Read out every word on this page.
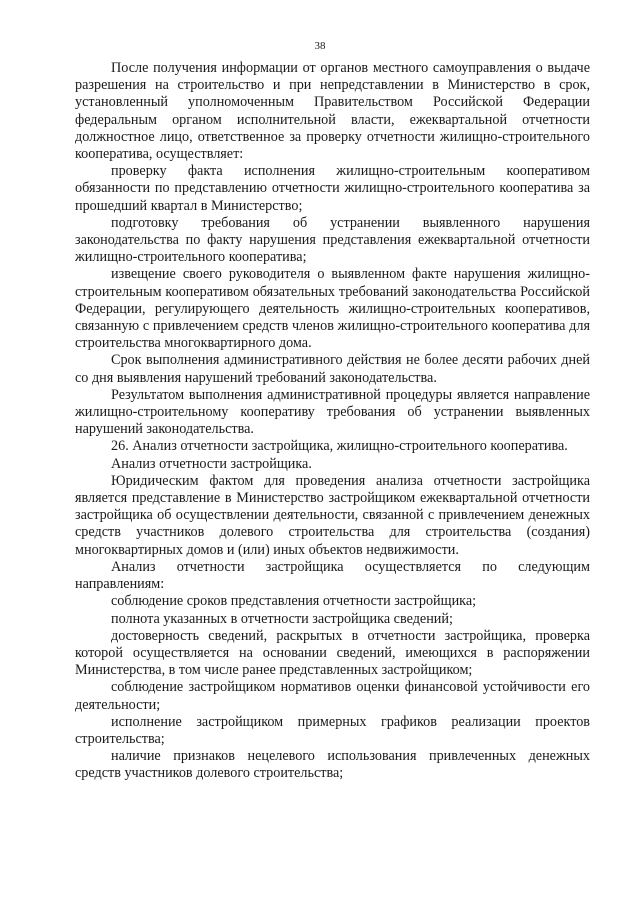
38

После получения информации от органов местного самоуправления о выдаче разрешения на строительство и при непредставлении в Министерство в срок, установленный уполномоченным Правительством Российской Федерации федеральным органом исполнительной власти, ежеквартальной отчетности должностное лицо, ответственное за проверку отчетности жилищно-строительного кооператива, осуществляет:

проверку факта исполнения жилищно-строительным кооперативом обязанности по представлению отчетности жилищно-строительного кооператива за прошедший квартал в Министерство;

подготовку требования об устранении выявленного нарушения законодательства по факту нарушения представления ежеквартальной отчетности жилищно-строительного кооператива;

извещение своего руководителя о выявленном факте нарушения жилищно-строительным кооперативом обязательных требований законодательства Российской Федерации, регулирующего деятельность жилищно-строительных кооперативов, связанную с привлечением средств членов жилищно-строительного кооператива для строительства многоквартирного дома.

Срок выполнения административного действия не более десяти рабочих дней со дня выявления нарушений требований законодательства.

Результатом выполнения административной процедуры является направление жилищно-строительному кооперативу требования об устранении выявленных нарушений законодательства.

26. Анализ отчетности застройщика, жилищно-строительного кооператива.

Анализ отчетности застройщика.

Юридическим фактом для проведения анализа отчетности застройщика является представление в Министерство застройщиком ежеквартальной отчетности застройщика об осуществлении деятельности, связанной с привлечением денежных средств участников долевого строительства для строительства (создания) многоквартирных домов и (или) иных объектов недвижимости.

Анализ отчетности застройщика осуществляется по следующим направлениям:

соблюдение сроков представления отчетности застройщика;

полнота указанных в отчетности застройщика сведений;

достоверность сведений, раскрытых в отчетности застройщика, проверка которой осуществляется на основании сведений, имеющихся в распоряжении Министерства, в том числе ранее представленных застройщиком;

соблюдение застройщиком нормативов оценки финансовой устойчивости его деятельности;

исполнение застройщиком примерных графиков реализации проектов строительства;

наличие признаков нецелевого использования привлеченных денежных средств участников долевого строительства;
